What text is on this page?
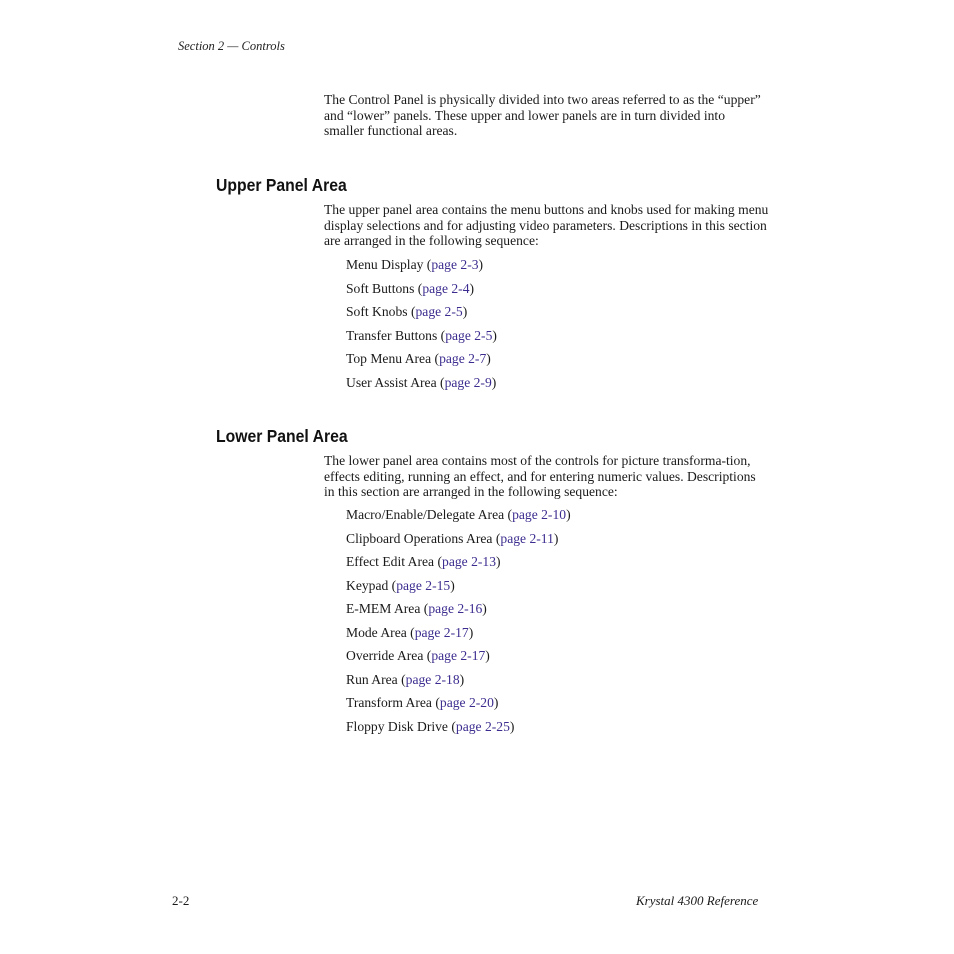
Section 2 — Controls

The Control Panel is physically divided into two areas referred to as the “upper” and “lower” panels. These upper and lower panels are in turn divided into smaller functional areas.

Upper Panel Area

The upper panel area contains the menu buttons and knobs used for making menu display selections and for adjusting video parameters. Descriptions in this section are arranged in the following sequence:

Menu Display (page 2-3)
Soft Buttons (page 2-4)
Soft Knobs (page 2-5)
Transfer Buttons (page 2-5)
Top Menu Area (page 2-7)
User Assist Area (page 2-9)
Lower Panel Area

The lower panel area contains most of the controls for picture transforma-tion, effects editing, running an effect, and for entering numeric values. Descriptions in this section are arranged in the following sequence:

Macro/Enable/Delegate Area (page 2-10)
Clipboard Operations Area (page 2-11)
Effect Edit Area (page 2-13)
Keypad (page 2-15)
E-MEM Area (page 2-16)
Mode Area (page 2-17)
Override Area (page 2-17)
Run Area (page 2-18)
Transform Area (page 2-20)
Floppy Disk Drive (page 2-25)
2-2	Krystal 4300 Reference
